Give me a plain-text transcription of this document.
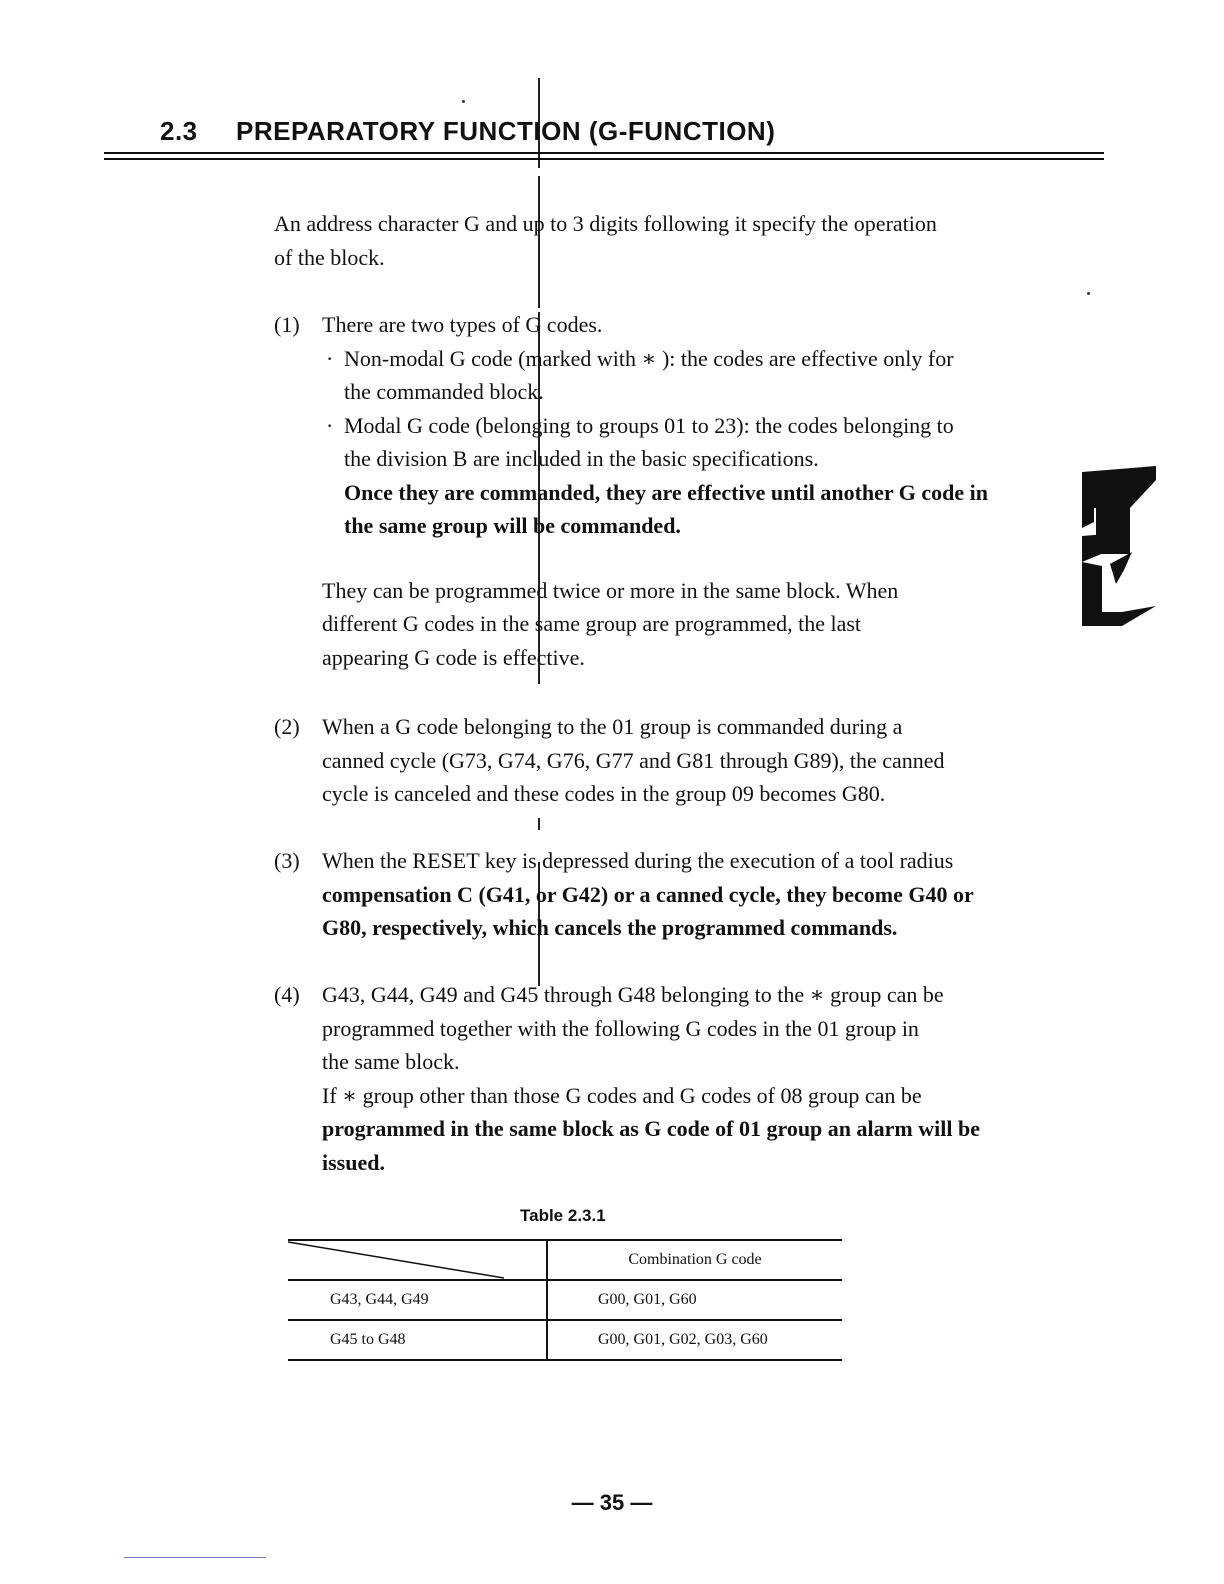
2.3 PREPARATORY FUNCTION (G-FUNCTION)

An address character G and up to 3 digits following it specify the operation

of the block.

(1)	There are two types of G codes.
· Non-modal G code (marked with ∗ ): the codes are effective only for
the commanded block.
· Modal G code (belonging to groups 01 to 23): the codes belonging to
the division B are included in the basic specifications.
Once they are commanded, they are effective until another G code in
the same group will be commanded.
They can be programmed twice or more in the same block. When
different G codes in the same group are programmed, the last
appearing G code is effective.
(2)	When a G code belonging to the 01 group is commanded during a
canned cycle (G73, G74, G76, G77 and G81 through G89), the canned
cycle is canceled and these codes in the group 09 becomes G80.
(3)	When the RESET key is depressed during the execution of a tool radius
compensation C (G41, or G42) or a canned cycle, they become G40 or
G80, respectively, which cancels the programmed commands.
(4)	G43, G44, G49 and G45 through G48 belonging to the ∗ group can be
programmed together with the following G codes in the 01 group in
the same block.
If ∗ group other than those G codes and G codes of 08 group can be
programmed in the same block as G code of 01 group an alarm will be
issued.
Table 2.3.1
	Combination G code
G43, G44, G49	G00, G01, G60
G45 to G48	G00, G01, G02, G03, G60
— 35 —
